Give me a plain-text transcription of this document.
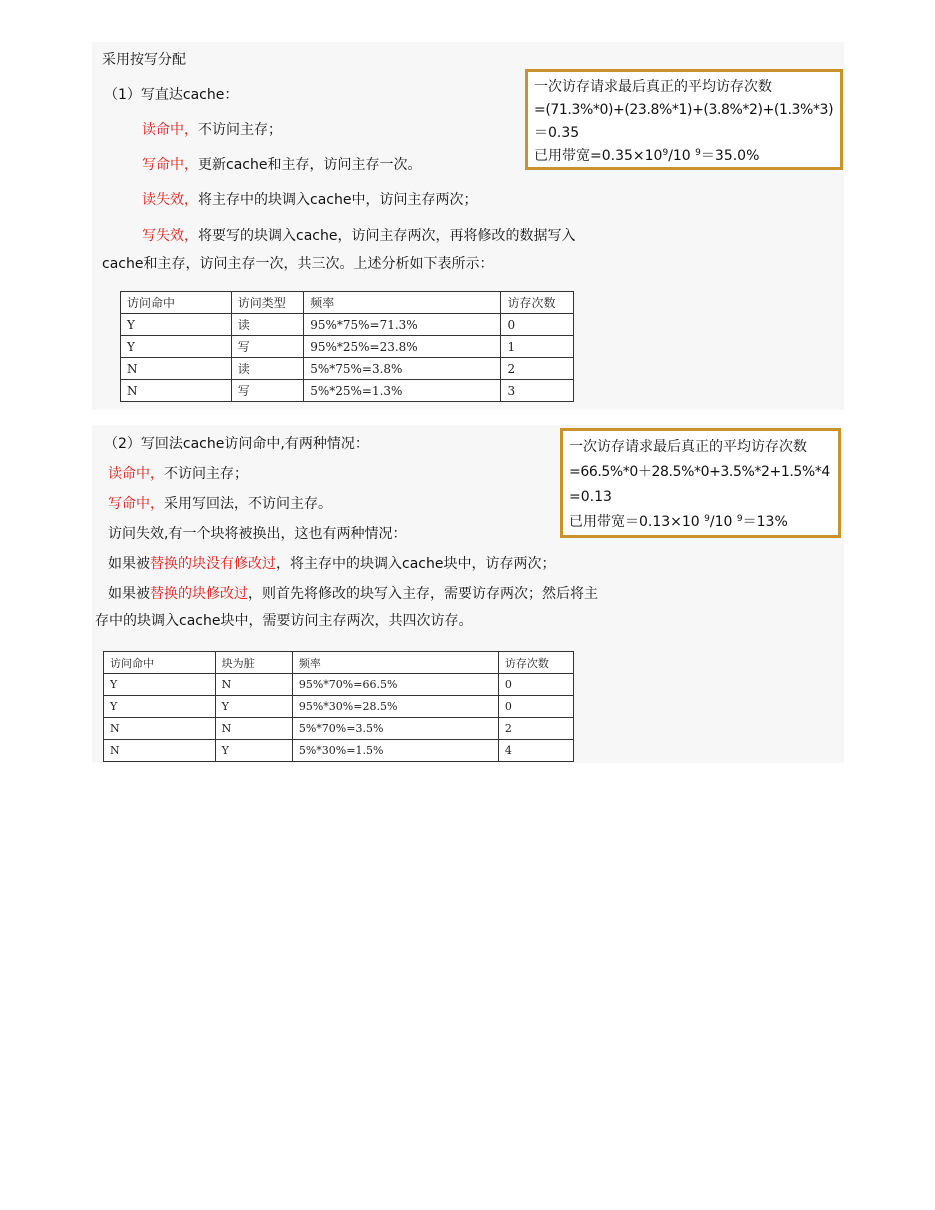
采用按写分配
（1）写直达cache：
读命中，不访问主存；
写命中，更新cache和主存，访问主存一次。
读失效，将主存中的块调入cache中，访问主存两次；
写失效，将要写的块调入cache，访问主存两次，再将修改的数据写入
cache和主存，访问主存一次，共三次。上述分析如下表所示：
一次访存请求最后真正的平均访存次数
=(71.3%*0)+(23.8%*1)+(3.8%*2)+(1.3%*3)
＝0.35
已用带宽$=0.35\times 10^9/10$ $^9$＝35.0%
访问命中	访问类型	频率	访存次数
Y	读	95%*75%=71.3%	0
Y	写	95%*25%=23.8%	1
N	读	5%*75%=3.8%	2
N	写	5%*25%=1.3%	3
（2）写回法cache访问命中,有两种情况：
读命中，不访问主存；
写命中，采用写回法，不访问主存。
访问失效,有一个块将被换出，这也有两种情况：
如果被替换的块没有修改过，将主存中的块调入cache块中，访存两次；
如果被替换的块修改过，则首先将修改的块写入主存，需要访存两次；然后将主
存中的块调入cache块中，需要访问主存两次，共四次访存。
一次访存请求最后真正的平均访存次数
=66.5%*0＋28.5%*0+3.5%*2+1.5%*4
=0.13
已用带宽＝0.13×10 $^9$/10 $^9$＝13%
访问命中	块为脏	频率	访存次数
Y	N	95%*70%=66.5%	0
Y	Y	95%*30%=28.5%	0
N	N	5%*70%=3.5%	2
N	Y	5%*30%=1.5%	4
